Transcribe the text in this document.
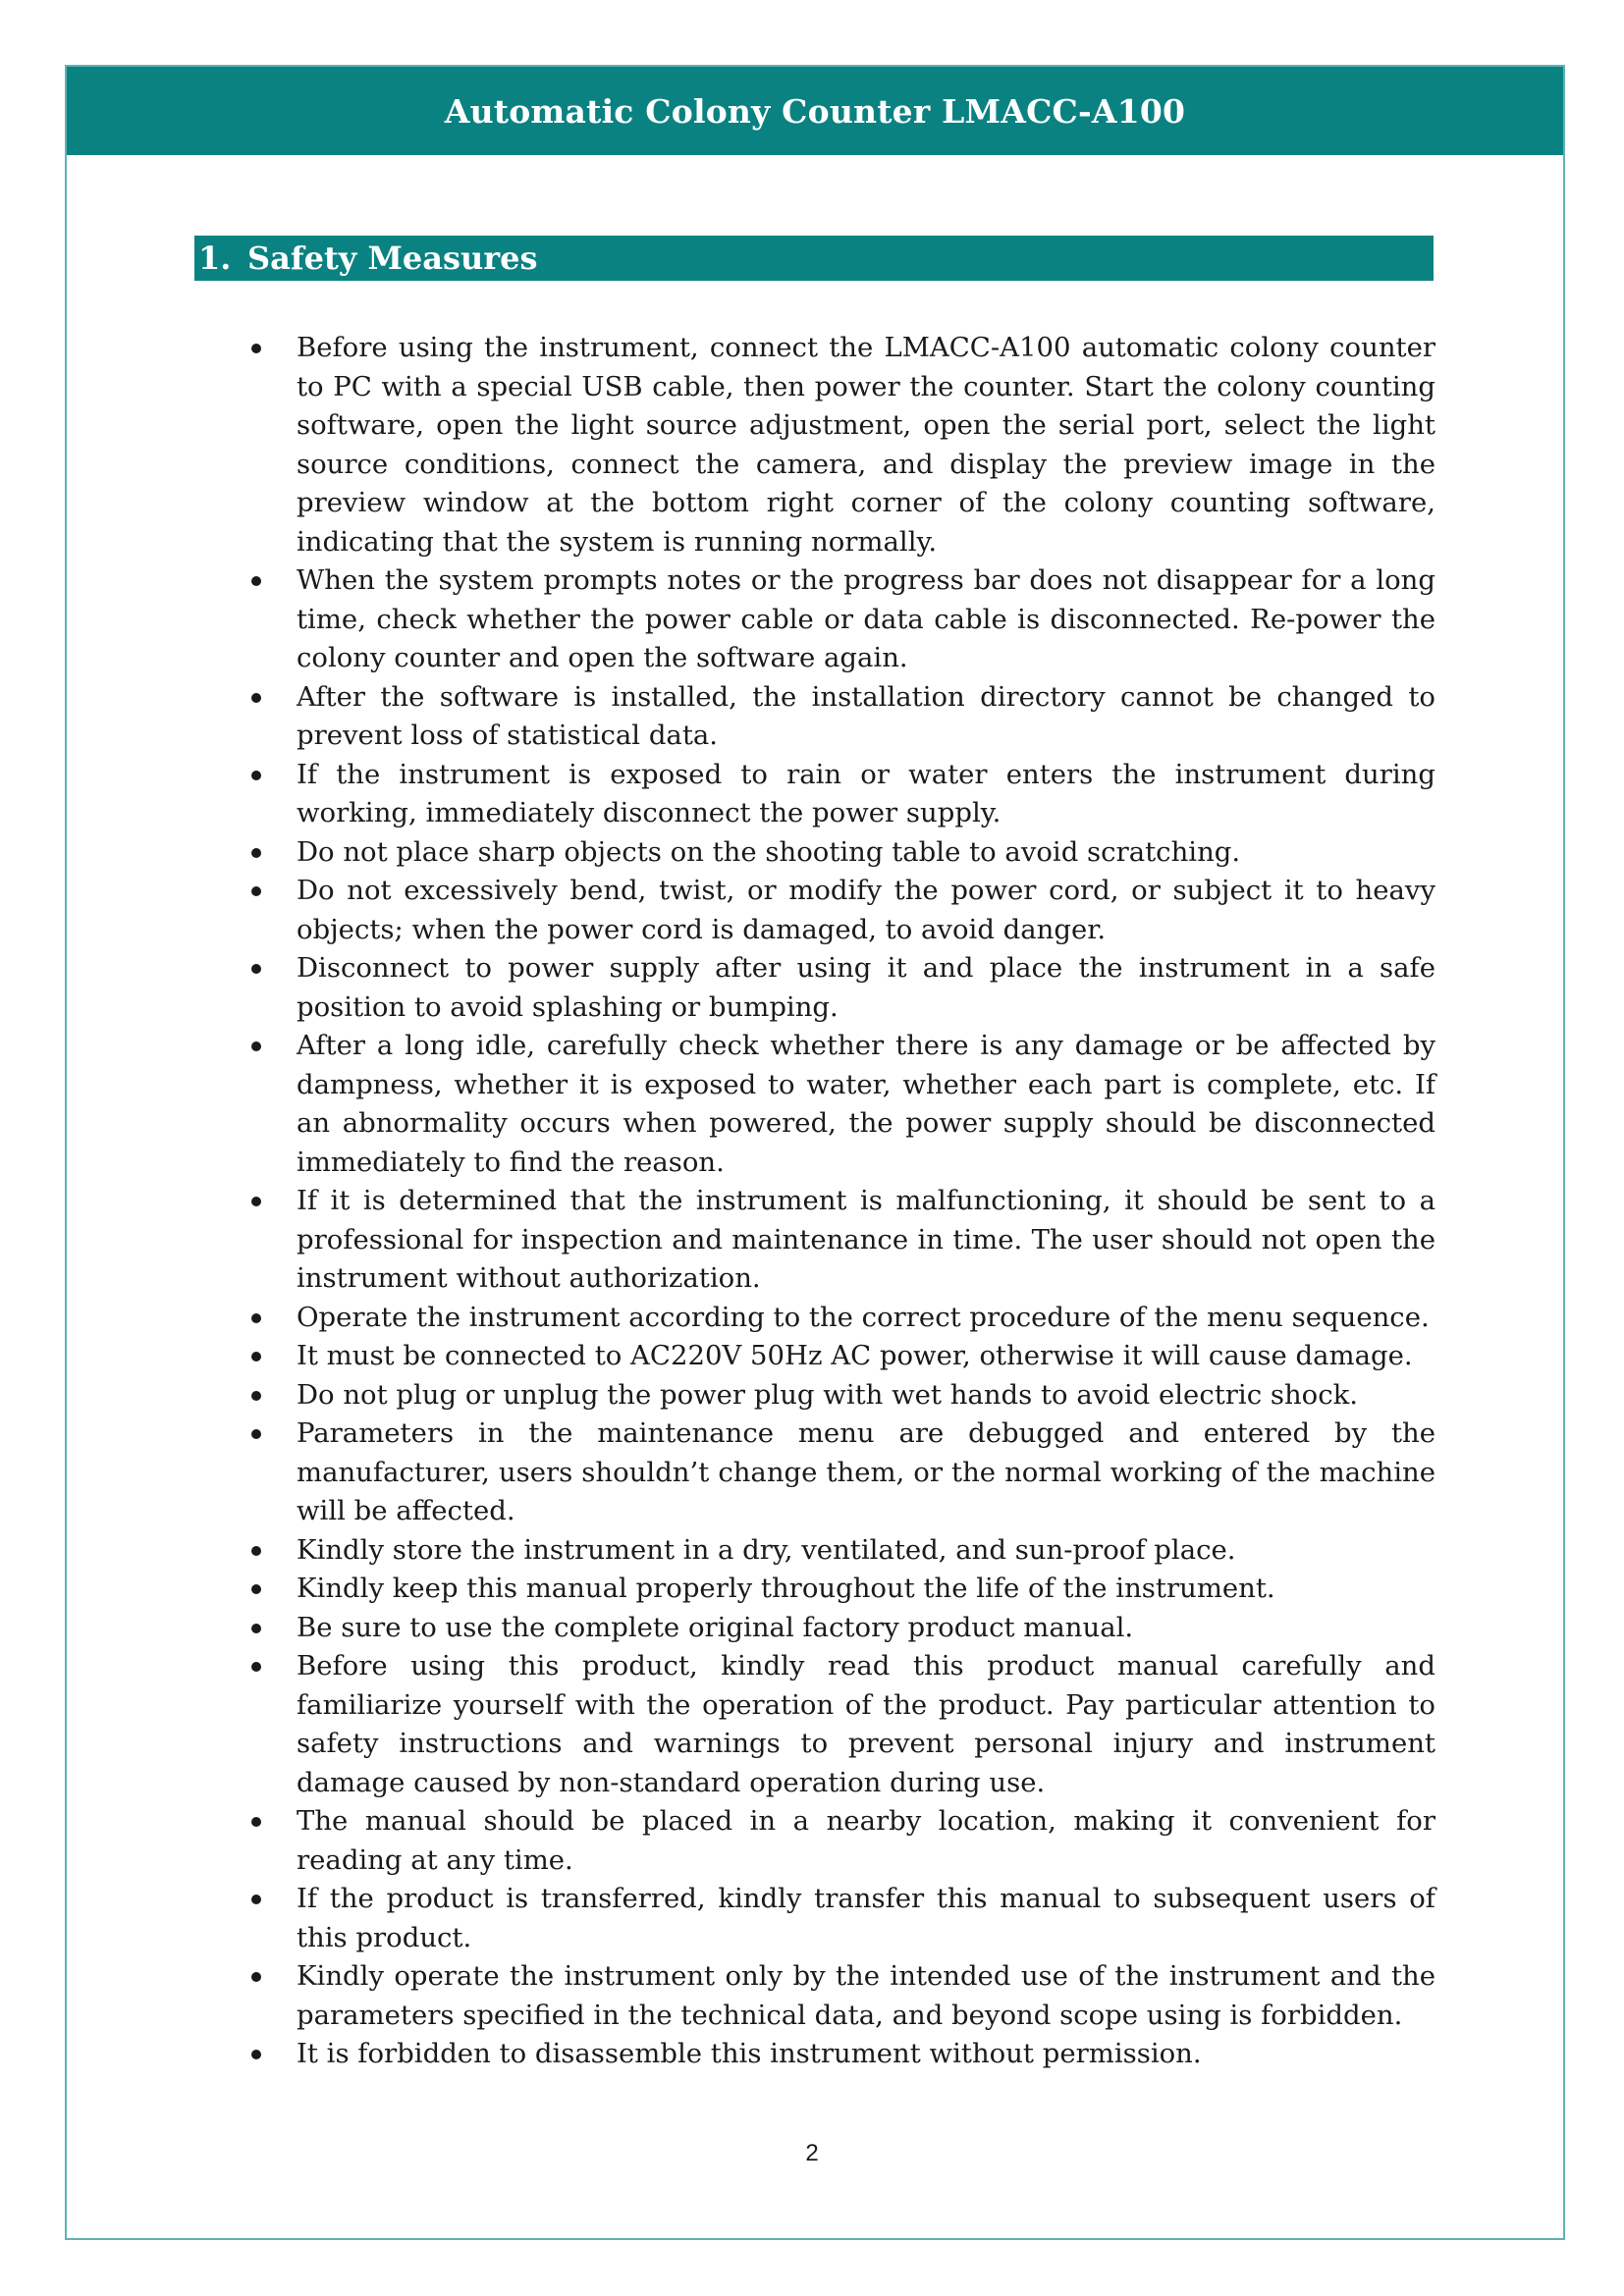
Automatic Colony Counter LMACC-A100
1. Safety Measures
Before using the instrument, connect the LMACC-A100 automatic colony counter to PC with a special USB cable, then power the counter. Start the colony counting software, open the light source adjustment, open the serial port, select the light source conditions, connect the camera, and display the preview image in the preview window at the bottom right corner of the colony counting software, indicating that the system is running normally.
When the system prompts notes or the progress bar does not disappear for a long time, check whether the power cable or data cable is disconnected. Re-power the colony counter and open the software again.
After the software is installed, the installation directory cannot be changed to prevent loss of statistical data.
If the instrument is exposed to rain or water enters the instrument during working, immediately disconnect the power supply.
Do not place sharp objects on the shooting table to avoid scratching.
Do not excessively bend, twist, or modify the power cord, or subject it to heavy objects; when the power cord is damaged, to avoid danger.
Disconnect to power supply after using it and place the instrument in a safe position to avoid splashing or bumping.
After a long idle, carefully check whether there is any damage or be affected by dampness, whether it is exposed to water, whether each part is complete, etc. If an abnormality occurs when powered, the power supply should be disconnected immediately to find the reason.
If it is determined that the instrument is malfunctioning, it should be sent to a professional for inspection and maintenance in time. The user should not open the instrument without authorization.
Operate the instrument according to the correct procedure of the menu sequence.
It must be connected to AC220V 50Hz AC power, otherwise it will cause damage.
Do not plug or unplug the power plug with wet hands to avoid electric shock.
Parameters in the maintenance menu are debugged and entered by the manufacturer, users shouldn’t change them, or the normal working of the machine will be affected.
Kindly store the instrument in a dry, ventilated, and sun-proof place.
Kindly keep this manual properly throughout the life of the instrument.
Be sure to use the complete original factory product manual.
Before using this product, kindly read this product manual carefully and familiarize yourself with the operation of the product. Pay particular attention to safety instructions and warnings to prevent personal injury and instrument damage caused by non-standard operation during use.
The manual should be placed in a nearby location, making it convenient for reading at any time.
If the product is transferred, kindly transfer this manual to subsequent users of this product.
Kindly operate the instrument only by the intended use of the instrument and the parameters specified in the technical data, and beyond scope using is forbidden.
It is forbidden to disassemble this instrument without permission.
2
